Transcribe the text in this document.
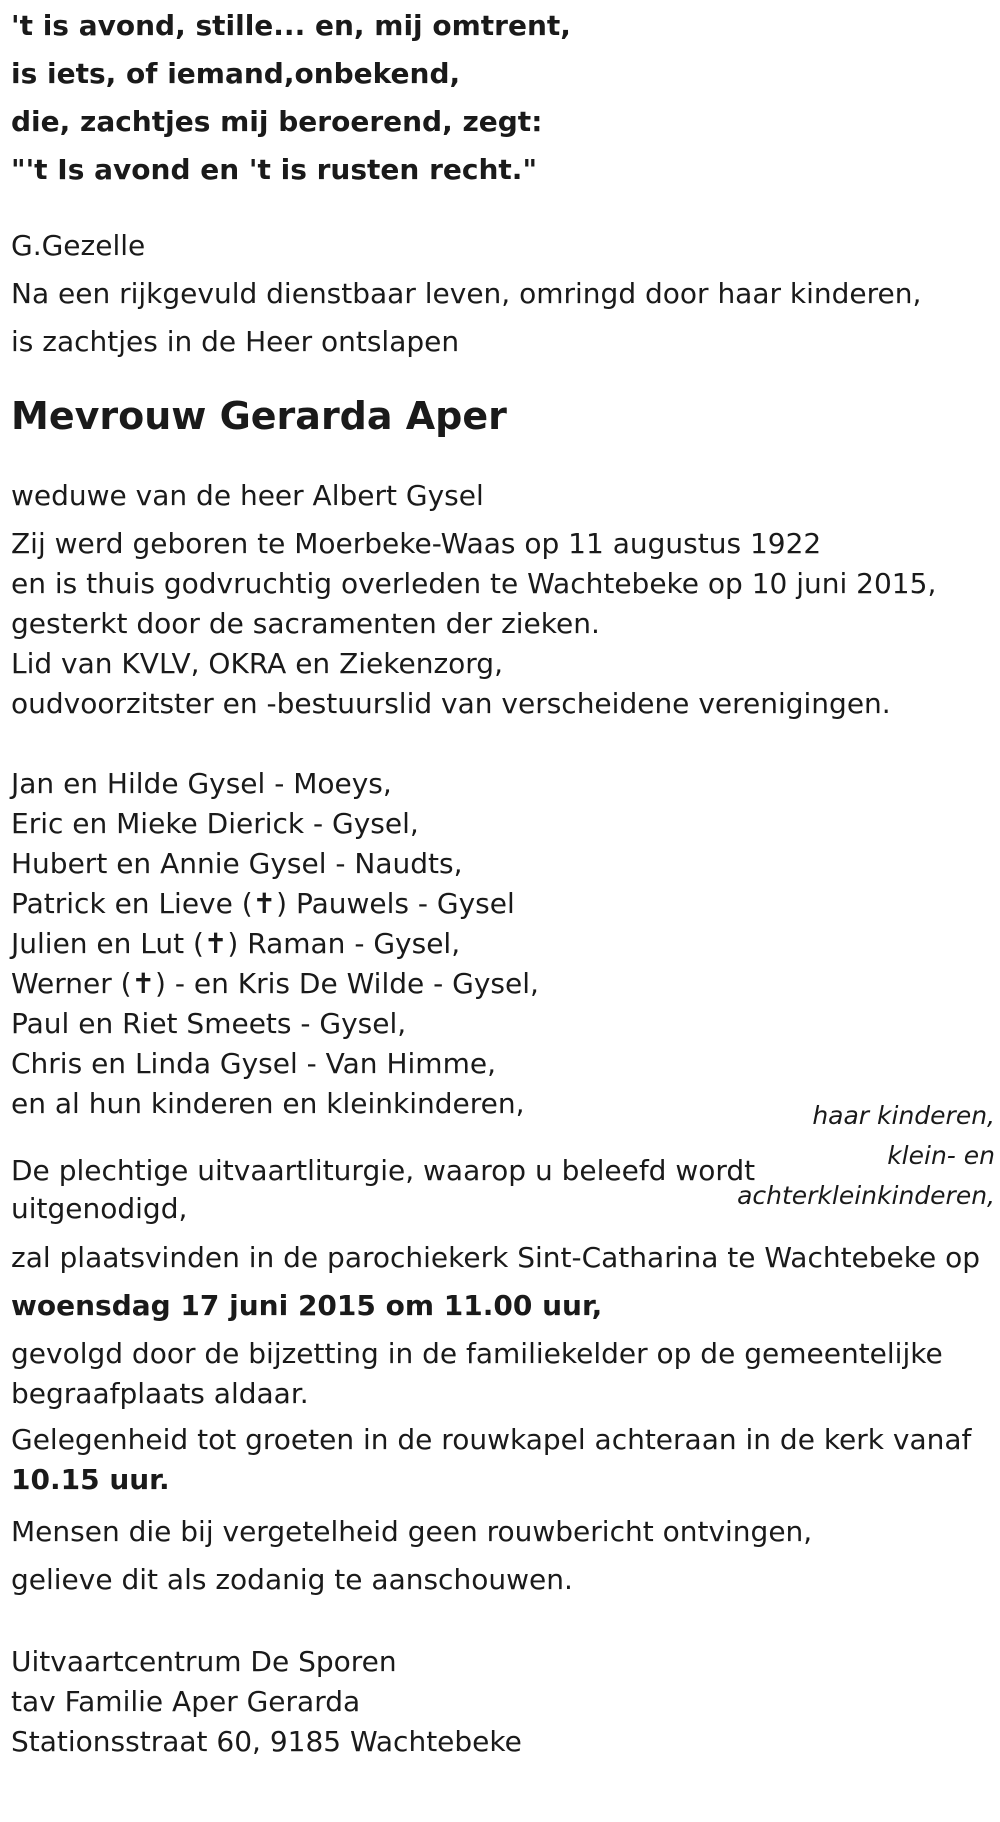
't is avond, stille... en, mij omtrent,
is iets, of iemand,onbekend,
die, zachtjes mij beroerend, zegt:
"'t Is avond en 't is rusten recht."
G.Gezelle
Na een rijkgevuld dienstbaar leven, omringd door haar kinderen,
is zachtjes in de Heer ontslapen
Mevrouw Gerarda Aper
weduwe van de heer Albert Gysel
Zij werd geboren te Moerbeke-Waas op 11 augustus 1922
en is thuis godvruchtig overleden te Wachtebeke op 10 juni 2015,
gesterkt door de sacramenten der zieken.
Lid van KVLV, OKRA en Ziekenzorg,
oudvoorzitster en -bestuurslid van verscheidene verenigingen.
Jan en Hilde Gysel - Moeys,
Eric en Mieke Dierick - Gysel,
Hubert en Annie Gysel - Naudts,
Patrick en Lieve (✝) Pauwels - Gysel
Julien en Lut (✝) Raman - Gysel,
Werner (✝) - en Kris De Wilde - Gysel,
Paul en Riet Smeets - Gysel,
Chris en Linda Gysel - Van Himme,
en al hun kinderen en kleinkinderen,
De plechtige uitvaartliturgie, waarop u beleefd wordt
uitgenodigd,
haar kinderen,
klein- en
achterkleinkinderen,
zal plaatsvinden in de parochiekerk Sint-Catharina te Wachtebeke op
woensdag 17 juni 2015 om 11.00 uur,
gevolgd door de bijzetting in de familiekelder op de gemeentelijke
begraafplaats aldaar.
Gelegenheid tot groeten in de rouwkapel achteraan in de kerk vanaf
10.15 uur.
Mensen die bij vergetelheid geen rouwbericht ontvingen,
gelieve dit als zodanig te aanschouwen.
Uitvaartcentrum De Sporen
tav Familie Aper Gerarda
Stationsstraat 60, 9185 Wachtebeke
